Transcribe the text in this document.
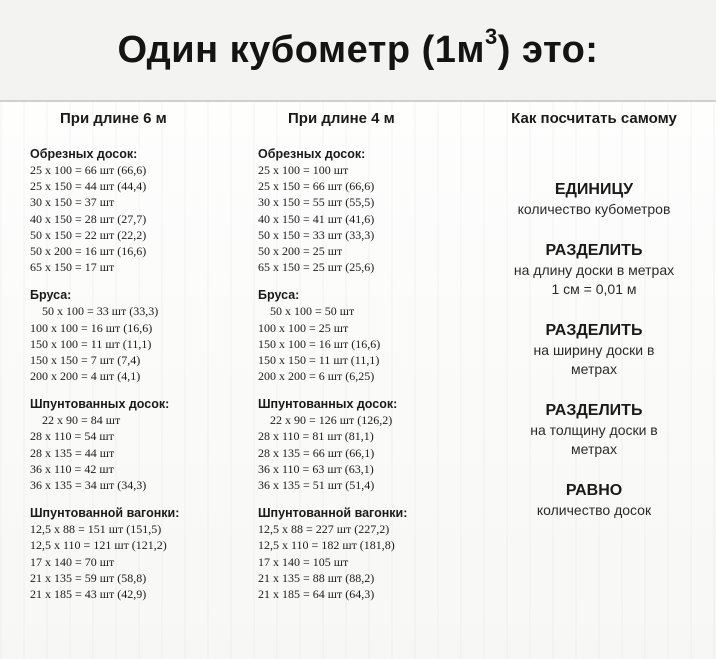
Один кубометр $(1м^3)$ это:
При длине 6 м
Обрезных досок:
25 х 100 = 66 шт (66,6)
25 х 150 = 44 шт (44,4)
30 х 150 = 37 шт
40 х 150 = 28 шт (27,7)
50 х 150 = 22 шт (22,2)
50 х 200 = 16 шт (16,6)
65 х 150 = 17 шт
Бруса:
50 х 100 = 33 шт (33,3)
100 х 100 = 16 шт (16,6)
150 х 100 = 11 шт (11,1)
150 х 150 = 7 шт (7,4)
200 х 200 = 4 шт (4,1)
Шпунтованных досок:
22 х 90 = 84 шт
28 х 110 = 54 шт
28 х 135 = 44 шт
36 х 110 = 42 шт
36 х 135 = 34 шт (34,3)
Шпунтованной вагонки:
12,5 х 88 = 151 шт (151,5)
12,5 х 110 = 121 шт (121,2)
17 х 140 = 70 шт
21 х 135 = 59 шт (58,8)
21 х 185 = 43 шт (42,9)
При длине 4 м
Обрезных досок:
25 х 100 = 100 шт
25 х 150 = 66 шт (66,6)
30 х 150 = 55 шт (55,5)
40 х 150 = 41 шт (41,6)
50 х 150 = 33 шт (33,3)
50 х 200 = 25 шт
65 х 150 = 25 шт (25,6)
Бруса:
50 х 100 = 50 шт
100 х 100 = 25 шт
150 х 100 = 16 шт (16,6)
150 х 150 = 11 шт (11,1)
200 х 200 = 6 шт (6,25)
Шпунтованных досок:
22 х 90 = 126 шт (126,2)
28 х 110 = 81 шт (81,1)
28 х 135 = 66 шт (66,1)
36 х 110 = 63 шт (63,1)
36 х 135 = 51 шт (51,4)
Шпунтованной вагонки:
12,5 х 88 = 227 шт (227,2)
12,5 х 110 = 182 шт (181,8)
17 х 140 = 105 шт
21 х 135 = 88 шт (88,2)
21 х 185 = 64 шт (64,3)
Как посчитать самому
ЕДИНИЦУ
количество кубометров
РАЗДЕЛИТЬ
на длину доски в метрах
1 см = 0,01 м
РАЗДЕЛИТЬ
на ширину доски в
метрах
РАЗДЕЛИТЬ
на толщину доски в
метрах
РАВНО
количество досок
